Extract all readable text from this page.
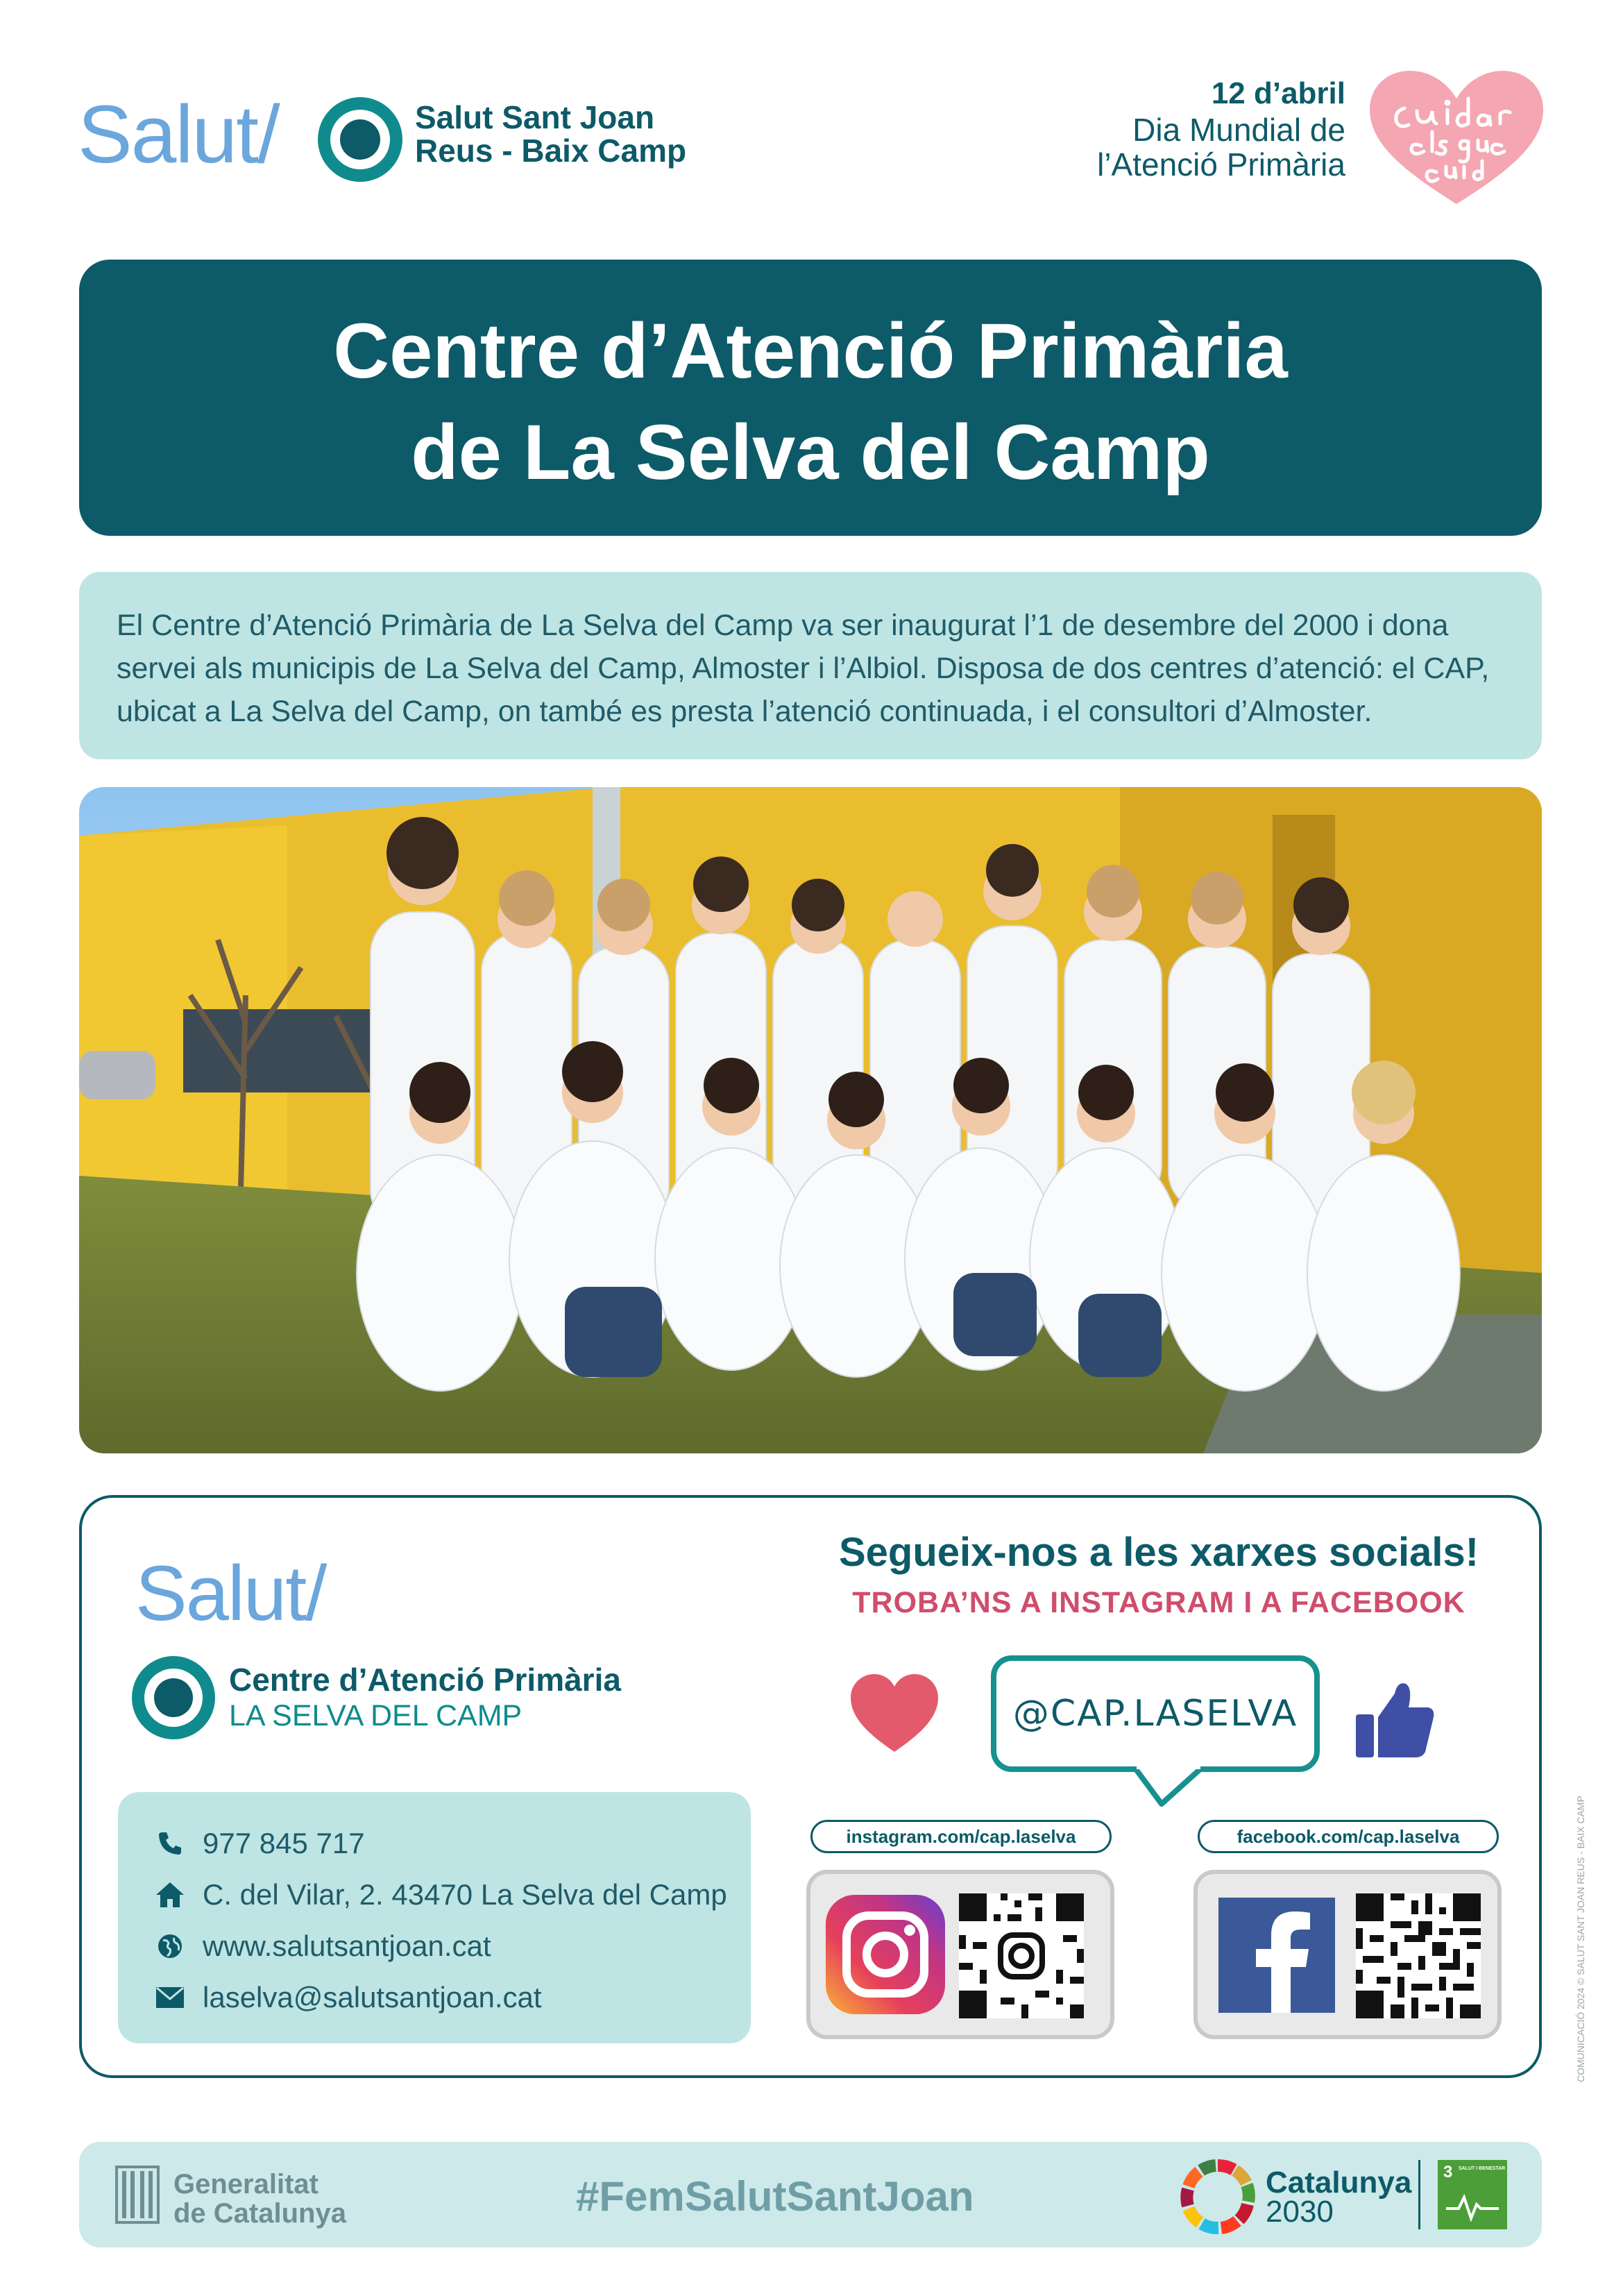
Salut/	Salut Sant Joan
Reus - Baix Camp
12 d’abril
Dia Mundial de
l’Atenció Primària
Centre d’Atenció Primària
de La Selva del Camp
El Centre d’Atenció Primària de La Selva del Camp va ser inaugurat l’1 de desembre del 2000 i dona servei als municipis de La Selva del Camp, Almoster i l’Albiol. Disposa de dos centres d’atenció: el CAP, ubicat a La Selva del Camp, on també es presta l’atenció continuada, i el consultori d’Almoster.
Salut/
Centre d’Atenció Primària
LA SELVA DEL CAMP
977 845 717
C. del Vilar, 2. 43470 La Selva del Camp
www.salutsantjoan.cat
laselva@salutsantjoan.cat
Segueix-nos a les xarxes socials!
TROBA’NS A INSTAGRAM I A FACEBOOK
@CAP.LASELVA
instagram.com/cap.laselva	facebook.com/cap.laselva
Generalitat
de Catalunya	#FemSalutSantJoan	Catalunya
2030
3 SALUT I BENESTAR
COMUNICACIÓ 2024 © SALUT SANT JOAN REUS - BAIX CAMP
